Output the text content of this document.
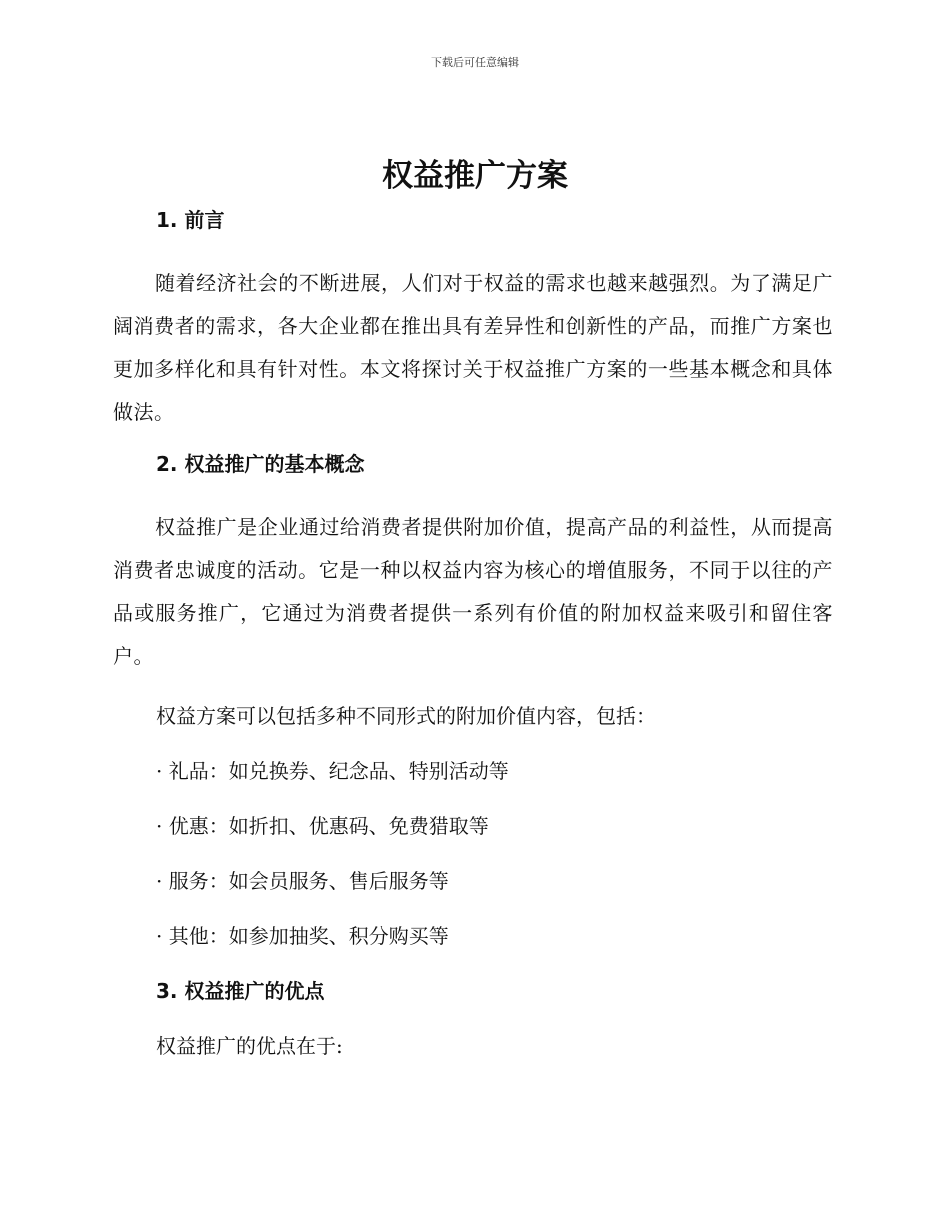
下载后可任意编辑
权益推广方案
1. 前言

随着经济社会的不断进展，人们对于权益的需求也越来越强烈。为了满足广阔消费者的需求，各大企业都在推出具有差异性和创新性的产品，而推广方案也更加多样化和具有针对性。本文将探讨关于权益推广方案的一些基本概念和具体做法。

2. 权益推广的基本概念

权益推广是企业通过给消费者提供附加价值，提高产品的利益性，从而提高消费者忠诚度的活动。它是一种以权益内容为核心的增值服务，不同于以往的产品或服务推广，它通过为消费者提供一系列有价值的附加权益来吸引和留住客户。

权益方案可以包括多种不同形式的附加价值内容，包括：
· 礼品：如兑换券、纪念品、特别活动等
· 优惠：如折扣、优惠码、免费猎取等
· 服务：如会员服务、售后服务等
· 其他：如参加抽奖、积分购买等
3. 权益推广的优点
权益推广的优点在于:
